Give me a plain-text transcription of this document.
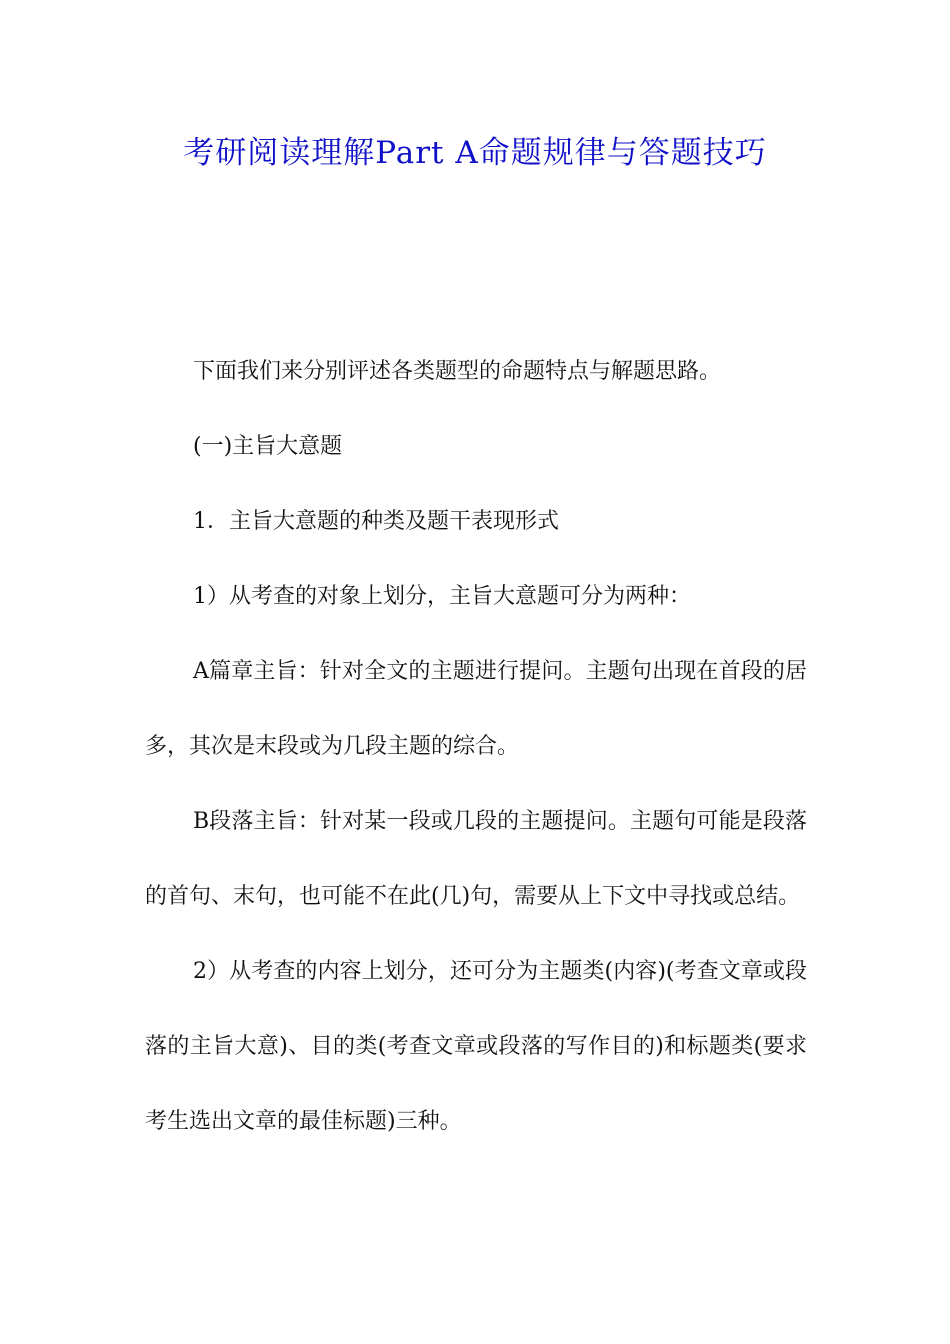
考研阅读理解Part A命题规律与答题技巧

下面我们来分别评述各类题型的命题特点与解题思路。

(一)主旨大意题

1．主旨大意题的种类及题干表现形式

1）从考查的对象上划分，主旨大意题可分为两种：

A篇章主旨：针对全文的主题进行提问。主题句出现在首段的居多，其次是末段或为几段主题的综合。

B段落主旨：针对某一段或几段的主题提问。主题句可能是段落的首句、末句，也可能不在此(几)句，需要从上下文中寻找或总结。

2）从考查的内容上划分，还可分为主题类(内容)(考查文章或段落的主旨大意)、目的类(考查文章或段落的写作目的)和标题类(要求考生选出文章的最佳标题)三种。
